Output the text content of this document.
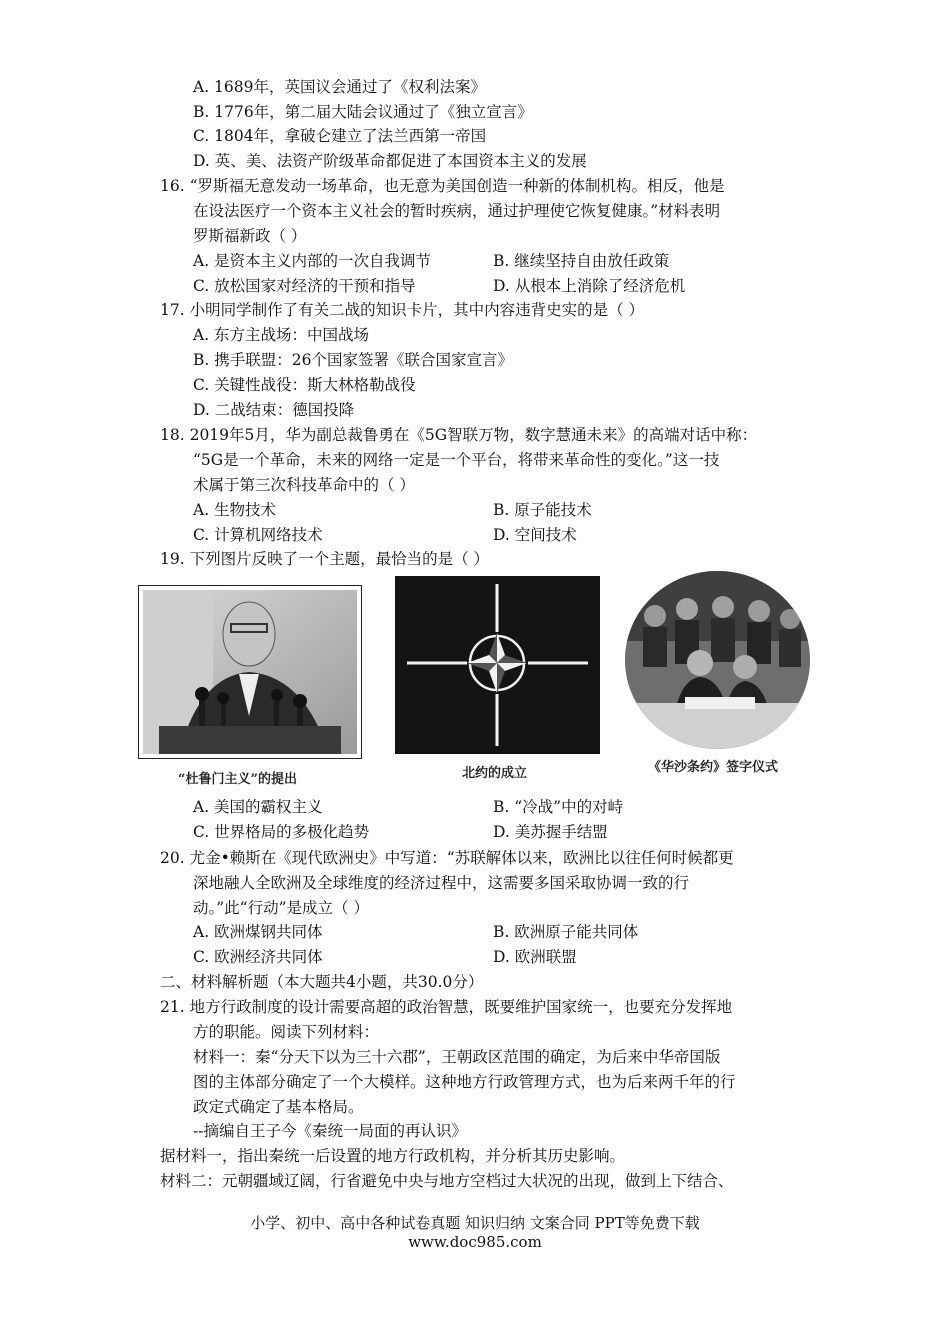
A. 1689年，英国议会通过了《权利法案》
B. 1776年，第二届大陆会议通过了《独立宣言》
C. 1804年，拿破仑建立了法兰西第一帝国
D. 英、美、法资产阶级革命都促进了本国资本主义的发展
16. “罗斯福无意发动一场革命，也无意为美国创造一种新的体制机构。相反，他是
在设法医疗一个资本主义社会的暂时疾病，通过护理使它恢复健康。”材料表明
罗斯福新政（ ）
A. 是资本主义内部的一次自我调节	B. 继续坚持自由放任政策
C. 放松国家对经济的干预和指导	D. 从根本上消除了经济危机
17. 小明同学制作了有关二战的知识卡片，其中内容违背史实的是（ ）
A. 东方主战场：中国战场
B. 携手联盟：26个国家签署《联合国家宣言》
C. 关键性战役：斯大林格勒战役
D. 二战结束：德国投降
18. 2019年5月，华为副总裁鲁勇在《5G智联万物，数字慧通未来》的高端对话中称：
“5G是一个革命，未来的网络一定是一个平台，将带来革命性的变化。”这一技
术属于第三次科技革命中的（ ）
A. 生物技术	B. 原子能技术
C. 计算机网络技术	D. 空间技术
19. 下列图片反映了一个主题，最恰当的是（ ）
“杜鲁门主义”的提出	北约的成立	《华沙条约》签字仪式
A. 美国的霸权主义	B. “冷战”中的对峙
C. 世界格局的多极化趋势	D. 美苏握手结盟
20. 尤金•赖斯在《现代欧洲史》中写道：“苏联解体以来，欧洲比以往任何时候都更
深地融人全欧洲及全球维度的经济过程中，这需要多国采取协调一致的行
动。”此“行动”是成立（ ）
A. 欧洲煤钢共同体	B. 欧洲原子能共同体
C. 欧洲经济共同体	D. 欧洲联盟
二、材料解析题（本大题共4小题，共30.0分）
21. 地方行政制度的设计需要高超的政治智慧，既要维护国家统一，也要充分发挥地
方的职能。阅读下列材料：
材料一：秦“分天下以为三十六郡”，王朝政区范围的确定，为后来中华帝国版
图的主体部分确定了一个大模样。这种地方行政管理方式，也为后来两千年的行
政定式确定了基本格局。
--摘编自王子今《秦统一局面的再认识》
据材料一，指出秦统一后设置的地方行政机构，并分析其历史影响。
材料二：元朝疆域辽阔，行省避免中央与地方空档过大状况的出现，做到上下结合、
小学、初中、高中各种试卷真题 知识归纳 文案合同 PPT等免费下载
www.doc985.com
